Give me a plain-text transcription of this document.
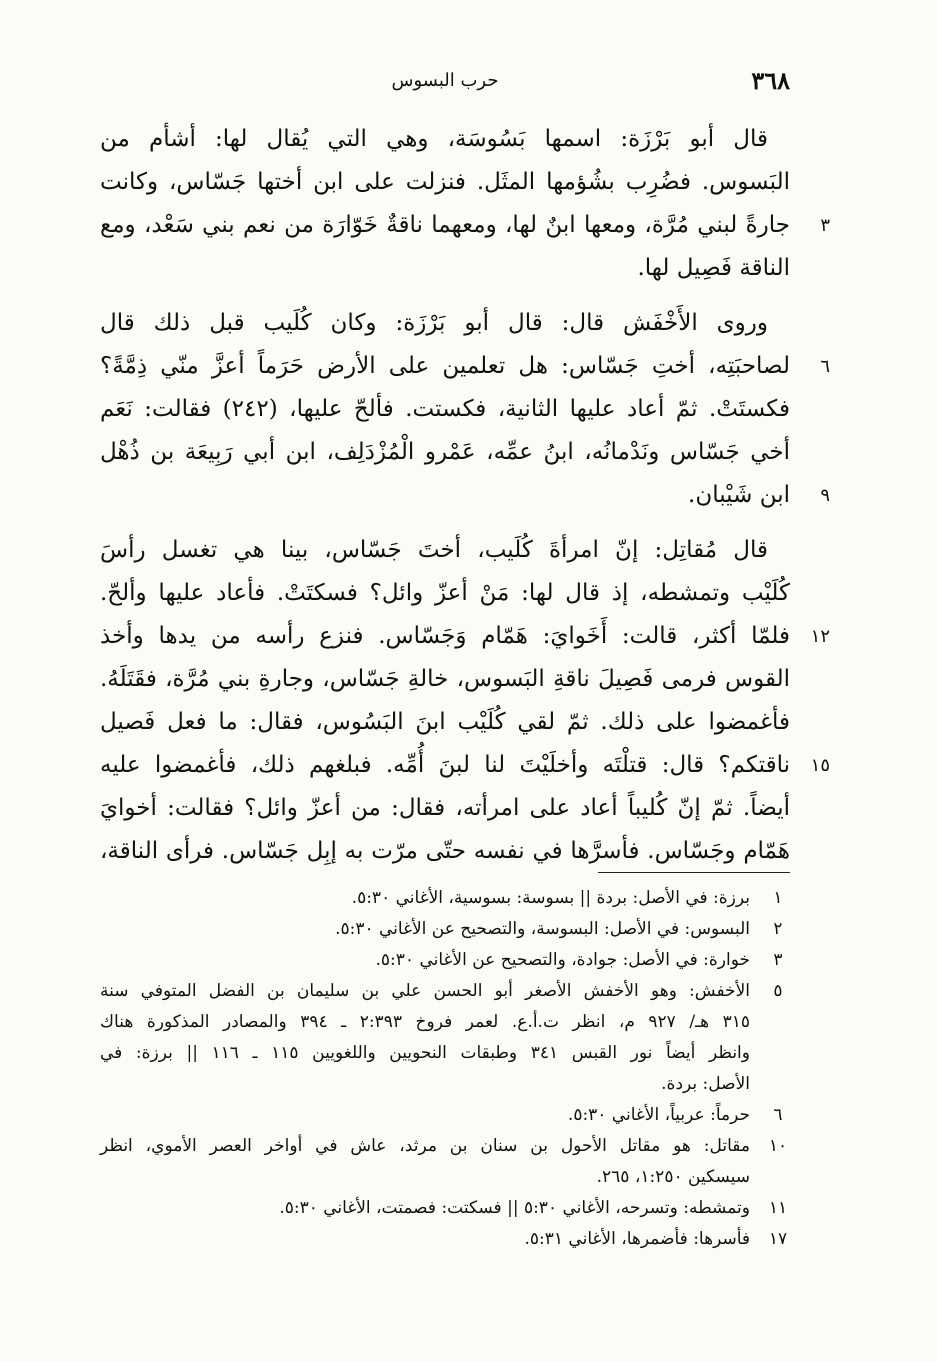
٣٦٨
حرب البسوس
قال أبو بَرْزَة: اسمها بَسُوسَة، وهي التي يُقال لها: أشأم من
البَسوس. فضُرِب بشُؤمها المثَل. فنزلت على ابن أختها جَسّاس، وكانت
جارةً لبني مُرَّة، ومعها ابنٌ لها، ومعهما ناقةٌ خَوّارَة من نعم بني سَعْد، ومع	٣
الناقة فَصِيل لها.
وروى الأَخْفَش قال: قال أبو بَرْزَة: وكان كُلَيب قبل ذلك قال
لصاحبَتِه، أختِ جَسّاس: هل تعلمين على الأرض حَرَماً أعزَّ منّي ذِمَّةً؟	٦
فكستَتْ. ثمّ أعاد عليها الثانية، فكستت. فألحّ عليها، (٢٤٢) فقالت: نَعَم
أخي جَسّاس ونَدْمانُه، ابنُ عمِّه، عَمْرو الْمُزْدَلِف، ابن أبي رَبِيعَة بن ذُهْل
ابن شَيْبان.	٩
قال مُقاتِل: إنّ امرأةَ كُلَيب، أختَ جَسّاس، بينا هي تغسل رأسَ
كُلَيْب وتمشطه، إذ قال لها: مَنْ أعزّ وائل؟ فسكتَتْ. فأعاد عليها وألحّ.
فلمّا أكثر، قالت: أَخَوايَ: هَمّام وَجَسّاس. فنزع رأسه من يدها وأخذ	١٢
القوس فرمى فَصِيلَ ناقةِ البَسوس، خالةِ جَسّاس، وجارةِ بني مُرَّة، فقَتَلَهُ.
فأغمضوا على ذلك. ثمّ لقي كُلَيْب ابنَ البَسُوس، فقال: ما فعل فَصيل
ناقتكم؟ قال: قتلْتَه وأخلَيْتَ لنا لبنَ أُمِّه. فبلغهم ذلك، فأغمضوا عليه	١٥
أيضاً. ثمّ إنّ كُليباً أعاد على امرأته، فقال: من أعزّ وائل؟ فقالت: أخوايَ
هَمّام وجَسّاس. فأسرَّها في نفسه حتّى مرّت به إبِل جَسّاس. فرأى الناقة،
١
برزة: في الأصل: بردة || بسوسة: بسوسية، الأغاني ٥:٣٠.
٢
البسوس: في الأصل: البسوسة، والتصحيح عن الأغاني ٥:٣٠.
٣
خوارة: في الأصل: جوادة، والتصحيح عن الأغاني ٥:٣٠.
٥
الأخفش: وهو الأخفش الأصغر أبو الحسن علي بن سليمان بن الفضل المتوفي سنة
٣١٥ هـ/ ٩٢٧ م، انظر ت.أ.ع. لعمر فروخ ٢:٣٩٣ ـ ٣٩٤ والمصادر المذكورة هناك
وانظر أيضاً نور القبس ٣٤١ وطبقات النحويين واللغويين ١١٥ ـ ١١٦ || برزة: في
الأصل: بردة.
٦
حرماً: عربياً، الأغاني ٥:٣٠.
١٠
مقاتل: هو مقاتل الأحول بن سنان بن مرثد، عاش في أواخر العصر الأموي، انظر
سيسكين ١:٢٥٠، ٢٦٥.
١١
وتمشطه: وتسرحه، الأغاني ٥:٣٠ || فسكتت: فصمتت، الأغاني ٥:٣٠.
١٧
فأسرها: فأضمرها، الأغاني ٥:٣١.
